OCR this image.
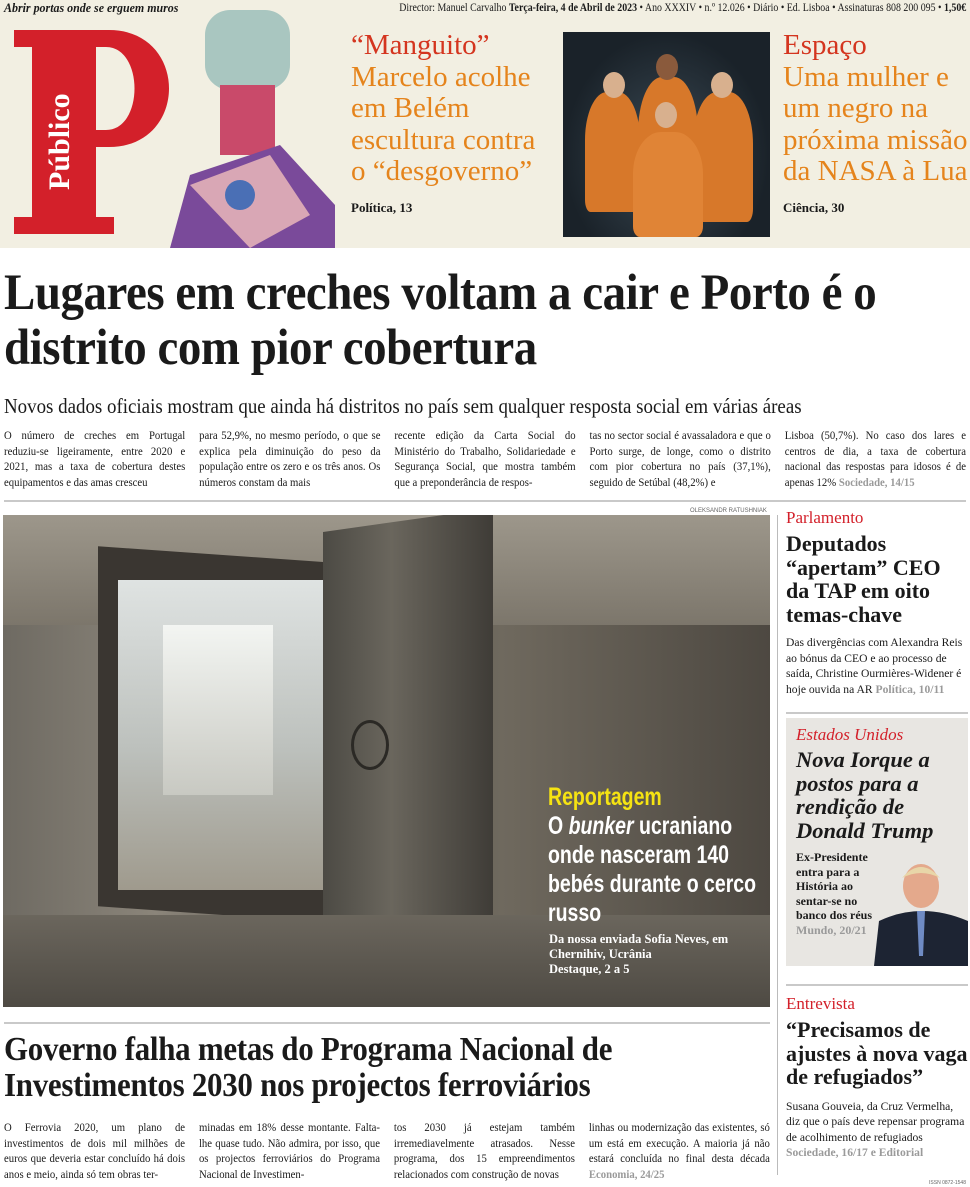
Abrir portas onde se erguem muros	Director: Manuel Carvalho Terça-feira, 4 de Abril de 2023 • Ano XXXIV • n.º 12.026 • Diário • Ed. Lisboa • Assinaturas 808 200 095 • 1,50€
Público
“Manguito”
Marcelo acolhe em Belém escultura contra o “desgoverno”
Política, 13
Espaço
Uma mulher e um negro na próxima missão da NASA à Lua
Ciência, 30
Lugares em creches voltam a cair e Porto é o distrito com pior cobertura
Novos dados oficiais mostram que ainda há distritos no país sem qualquer resposta social em várias áreas
O número de creches em Portugal reduziu-se ligeiramente, entre 2020 e 2021, mas a taxa de cobertura destes equipamentos e das amas cresceu
para 52,9%, no mesmo período, o que se explica pela diminuição do peso da população entre os zero e os três anos. Os números constam da mais
recente edição da Carta Social do Ministério do Trabalho, Solidariedade e Segurança Social, que mostra também que a preponderância de respos-
tas no sector social é avassaladora e que o Porto surge, de longe, como o distrito com pior cobertura no país (37,1%), seguido de Setúbal (48,2%) e
Lisboa (50,7%). No caso dos lares e centros de dia, a taxa de cobertura nacional das respostas para idosos é de apenas 12% Sociedade, 14/15
OLEKSANDR RATUSHNIAK
Reportagem
O bunker ucraniano onde nasceram 140 bebés durante o cerco russo
Da nossa enviada Sofia Neves, em Chernihiv, Ucrânia
Destaque, 2 a 5
Parlamento
Deputados “apertam” CEO da TAP em oito temas-chave
Das divergências com Alexandra Reis ao bónus da CEO e ao processo de saída, Christine Ourmières-Widener é hoje ouvida na AR Política, 10/11
Estados Unidos
Nova Iorque a postos para a rendição de Donald Trump
Ex-Presidente entra para a História ao sentar-se no banco dos réus Mundo, 20/21
Entrevista
“Precisamos de ajustes à nova vaga de refugiados”
Susana Gouveia, da Cruz Vermelha, diz que o país deve repensar programa de acolhimento de refugiados Sociedade, 16/17 e Editorial
Governo falha metas do Programa Nacional de Investimentos 2030 nos projectos ferroviários
O Ferrovia 2020, um plano de investimentos de dois mil milhões de euros que deveria estar concluído há dois anos e meio, ainda só tem obras ter-
minadas em 18% desse montante. Falta-lhe quase tudo. Não admira, por isso, que os projectos ferroviários do Programa Nacional de Investimen-
tos 2030 já estejam também irremediavelmente atrasados. Nesse programa, dos 15 empreendimentos relacionados com construção de novas
linhas ou modernização das existentes, só um está em execução. A maioria já não estará concluída no final desta década Economia, 24/25
ISSN 0872-1548
